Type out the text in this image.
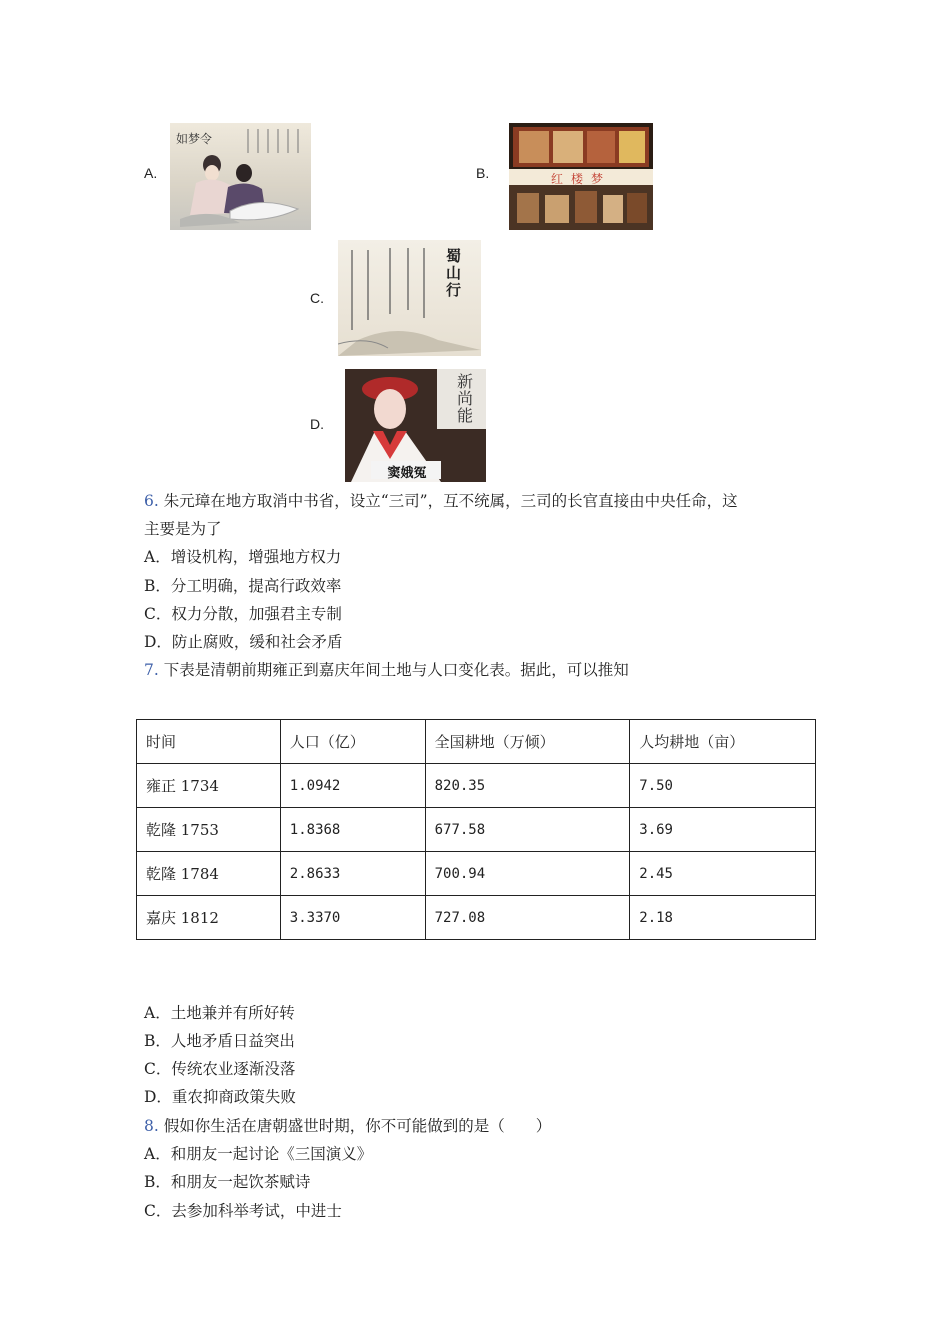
A.
如梦令
B.	红楼梦
C.
蜀山行
D.
新尚能
窦娥冤
6. 朱元璋在地方取消中书省，设立“三司”，互不统属，三司的长官直接由中央任命，这
主要是为了
A．增设机构，增强地方权力
B．分工明确，提高行政效率
C．权力分散，加强君主专制
D．防止腐败，缓和社会矛盾
7. 下表是清朝前期雍正到嘉庆年间土地与人口变化表。据此，可以推知
时间	人口（亿）	全国耕地（万倾）	人均耕地（亩）
雍正 1734	1.0942	820.35	7.50
乾隆 1753	1.8368	677.58	3.69
乾隆 1784	2.8633	700.94	2.45
嘉庆 1812	3.3370	727.08	2.18
A．土地兼并有所好转
B．人地矛盾日益突出
C．传统农业逐渐没落
D．重农抑商政策失败
8. 假如你生活在唐朝盛世时期，你不可能做到的是（　　）
A．和朋友一起讨论《三国演义》
B．和朋友一起饮茶赋诗
C．去参加科举考试，中进士
